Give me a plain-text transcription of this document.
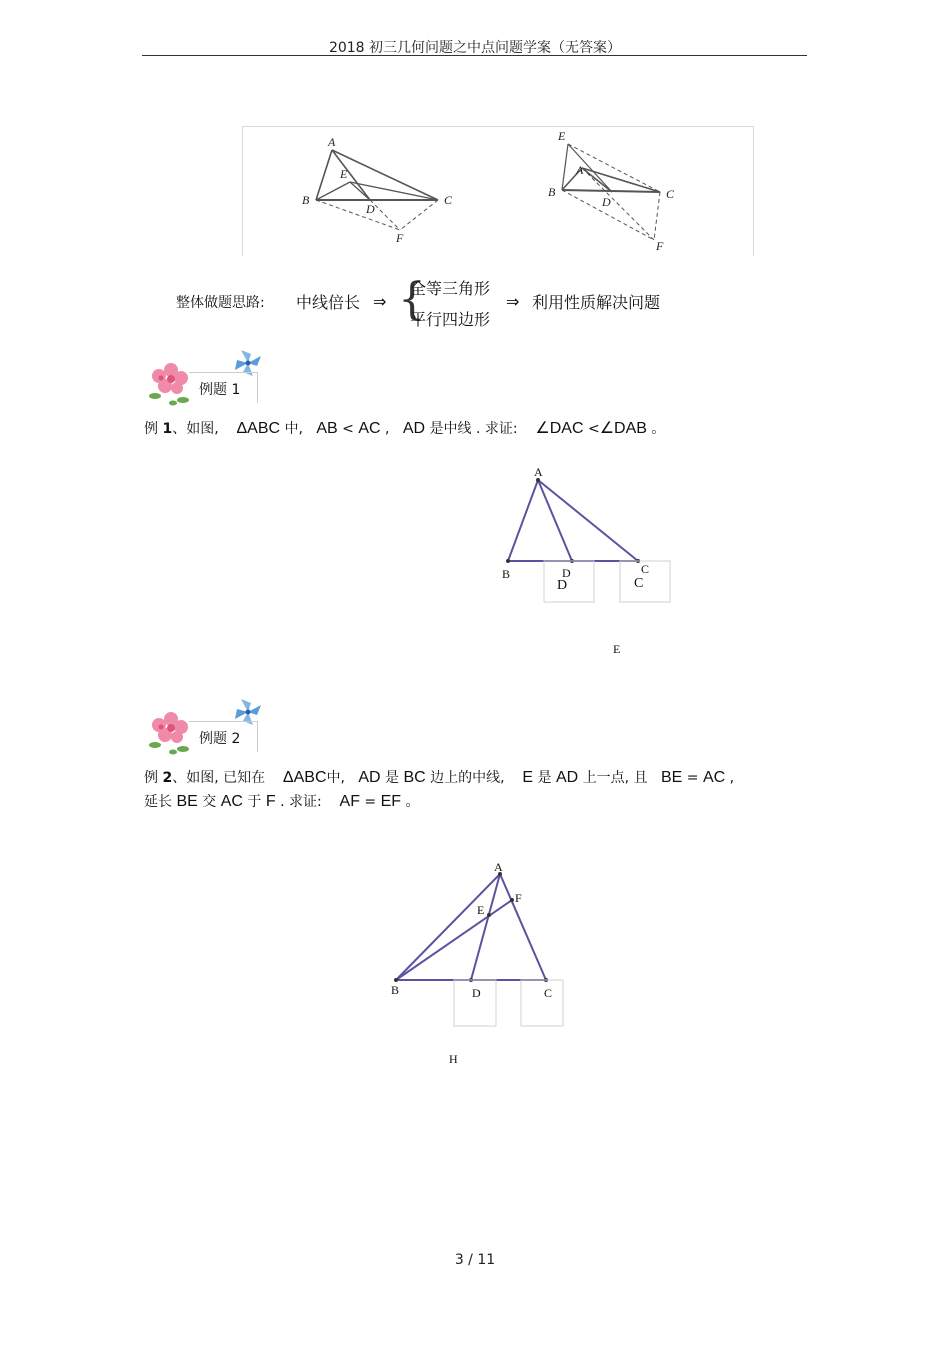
2018 初三几何问题之中点问题学案（无答案）
A
E
B
D
C
F
E
A
B
D
C
F
整体做题思路: 中线倍长 ⇒ {
全等三角形
平行四边形
⇒ 利用性质解决问题
例题 1
例 1、如图, ΔABC 中, AB < AC , AD 是中线 . 求证: ∠DAC <∠DAB 。
A
B	D	C
D	C
E
例题 2
例 2、如图, 已知在 ΔABC中, AD 是 BC 边上的中线, E 是 AD 上一点, 且 BE = AC ,
延长 BE 交 AC 于 F . 求证: AF = EF 。
A
F
E
B	D	C
H
3 / 11
